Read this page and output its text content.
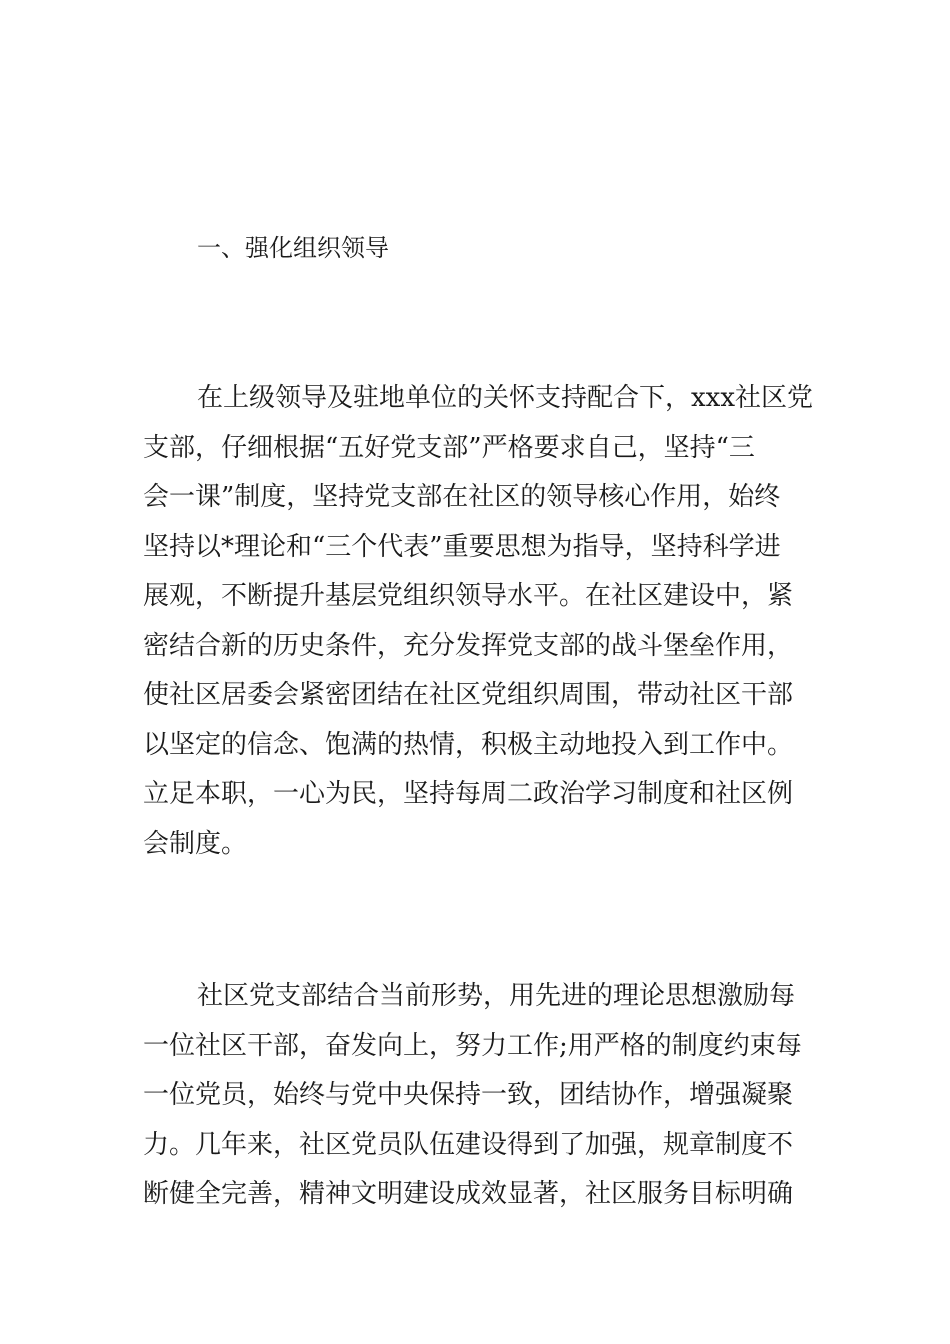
一、强化组织领导
在上级领导及驻地单位的关怀支持配合下，xxx社区党
支部，仔细根据“五好党支部”严格要求自己，坚持“三
会一课”制度，坚持党支部在社区的领导核心作用，始终
坚持以*理论和“三个代表”重要思想为指导，坚持科学进
展观，不断提升基层党组织领导水平。在社区建设中，紧
密结合新的历史条件，充分发挥党支部的战斗堡垒作用，
使社区居委会紧密团结在社区党组织周围，带动社区干部
以坚定的信念、饱满的热情，积极主动地投入到工作中。
立足本职，一心为民，坚持每周二政治学习制度和社区例
会制度。
社区党支部结合当前形势，用先进的理论思想激励每
一位社区干部，奋发向上，努力工作;用严格的制度约束每
一位党员，始终与党中央保持一致，团结协作，增强凝聚
力。几年来，社区党员队伍建设得到了加强，规章制度不
断健全完善，精神文明建设成效显著，社区服务目标明确
